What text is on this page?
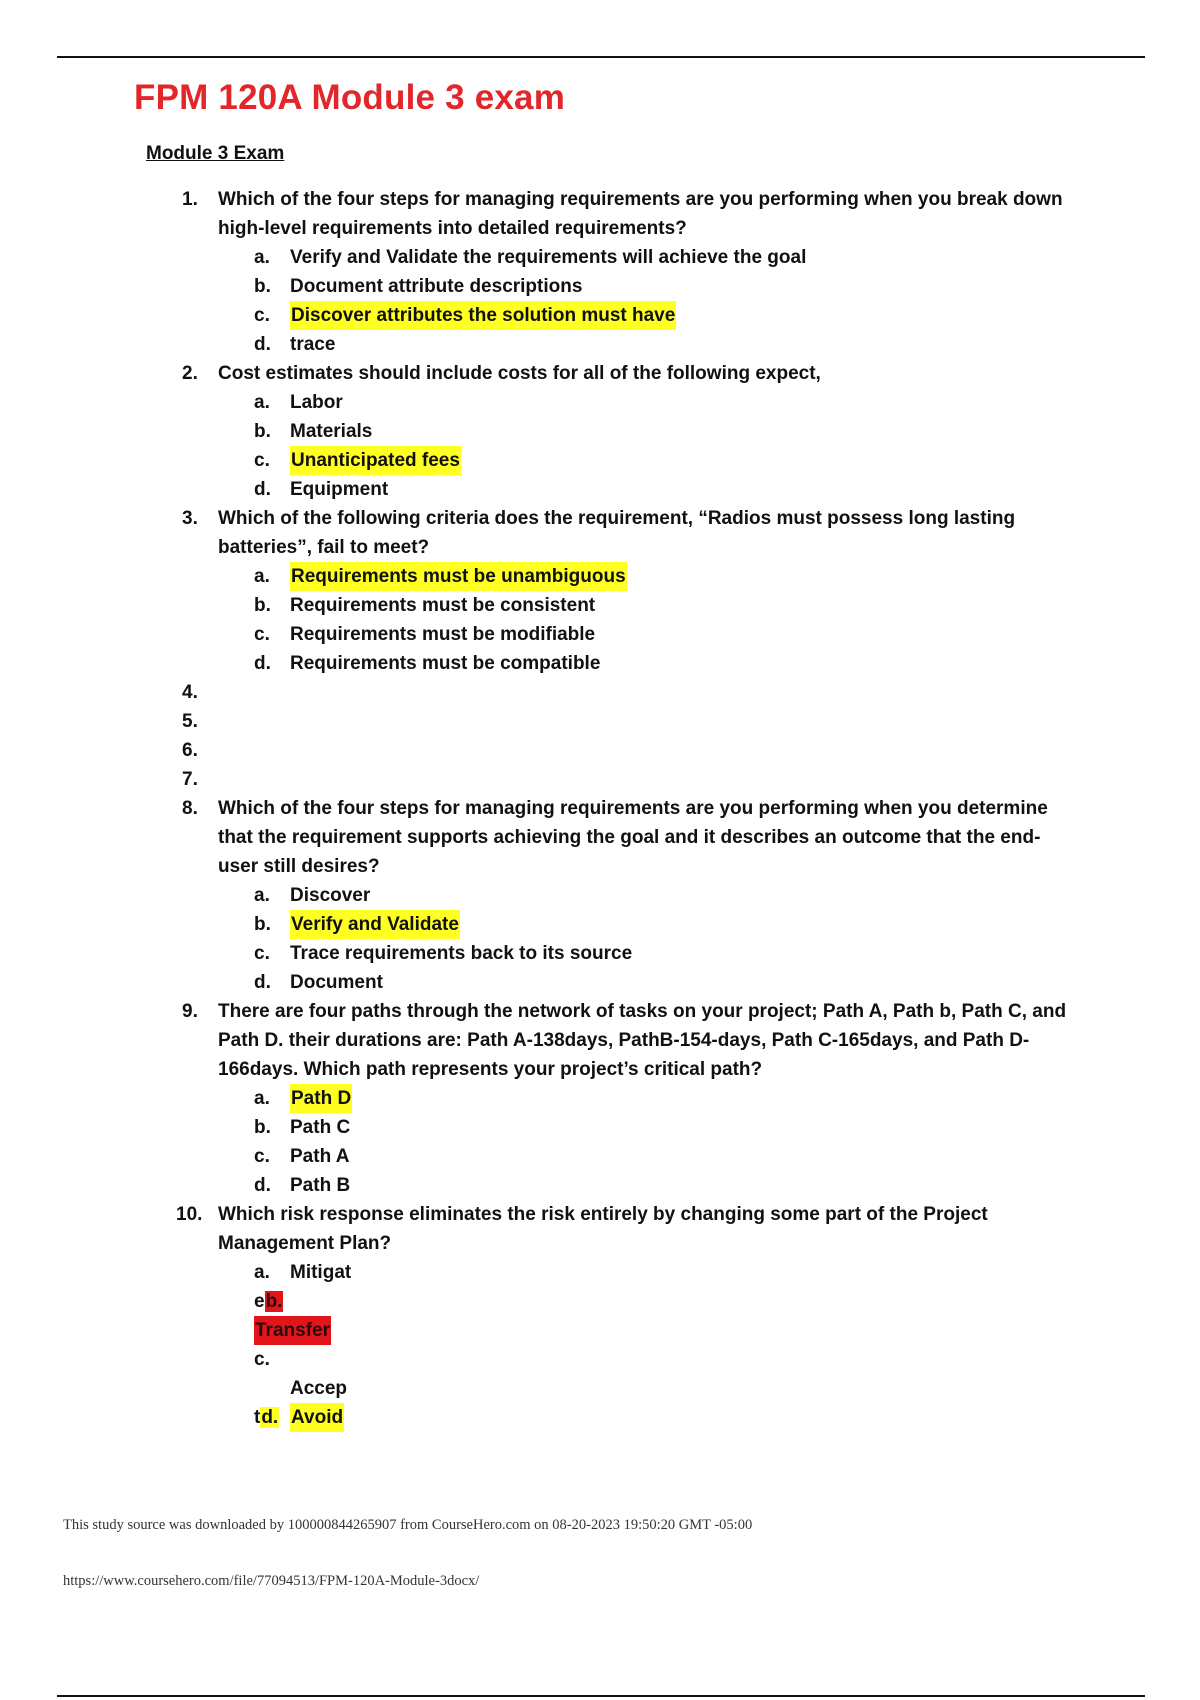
FPM 120A Module 3 exam
Module 3 Exam
1. Which of the four steps for managing requirements are you performing when you break down
high-level requirements into detailed requirements?
a. Verify and Validate the requirements will achieve the goal
b. Document attribute descriptions
c. Discover attributes the solution must have
d. trace
2. Cost estimates should include costs for all of the following expect,
a. Labor
b. Materials
c. Unanticipated fees
d. Equipment
3. Which of the following criteria does the requirement, “Radios must possess long lasting
batteries”, fail to meet?
a. Requirements must be unambiguous
b. Requirements must be consistent
c. Requirements must be modifiable
d. Requirements must be compatible
4.
5.
6.
7.
8. Which of the four steps for managing requirements are you performing when you determine
that the requirement supports achieving the goal and it describes an outcome that the end-
user still desires?
a. Discover
b. Verify and Validate
c. Trace requirements back to its source
d. Document
9. There are four paths through the network of tasks on your project; Path A, Path b, Path C, and
Path D. their durations are: Path A-138days, PathB-154-days, Path C-165days, and Path D-
166days. Which path represents your project’s critical path?
a. Path D
b. Path C
c. Path A
d. Path B
10. Which risk response eliminates the risk entirely by changing some part of the Project
Management Plan?
a. Mitigat
eb.
Transfer
c.
Accep
td. Avoid
This study source was downloaded by 100000844265907 from CourseHero.com on 08-20-2023 19:50:20 GMT -05:00
https://www.coursehero.com/file/77094513/FPM-120A-Module-3docx/
